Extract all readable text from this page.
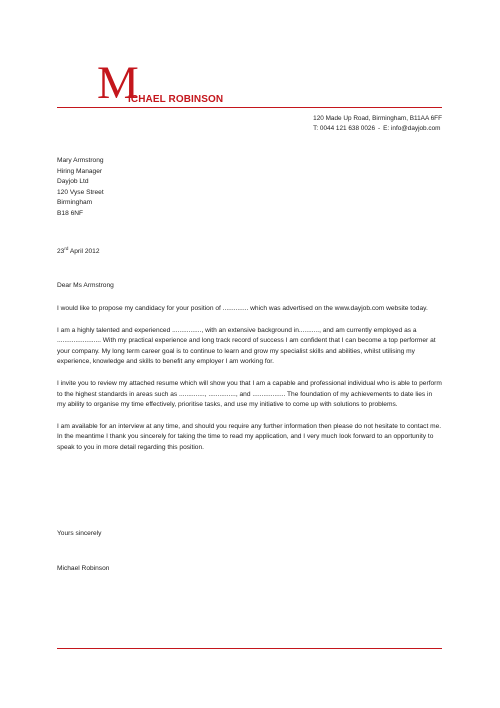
M
ICHAEL ROBINSON
120 Made Up Road, Birmingham, B11AA 6FF
T: 0044 121 638 0026 - E: info@dayjob.com
Mary Armstrong
Hiring Manager
Dayjob Ltd
120 Vyse Street
Birmingham
B18 6NF
23rd April 2012
Dear Ms Armstrong

I would like to propose my candidacy for your position of .............. which was advertised on the www.dayjob.com website today.

I am a highly talented and experienced ................, with an extensive background in..........., and am currently employed as a ........................ With my practical experience and long track record of success I am confident that I can become a top performer at your company. My long term career goal is to continue to learn and grow my specialist skills and abilities, whilst utilising my experience, knowledge and skills to benefit any employer I am working for.

I invite you to review my attached resume which will show you that I am a capable and professional individual who is able to perform to the highest standards in areas such as .............., ..............., and .................. The foundation of my achievements to date lies in my ability to organise my time effectively, prioritise tasks, and use my initiative to come up with solutions to problems.

I am available for an interview at any time, and should you require any further information then please do not hesitate to contact me. In the meantime I thank you sincerely for taking the time to read my application, and I very much look forward to an opportunity to speak to you in more detail regarding this position.

Yours sincerely
Michael Robinson
